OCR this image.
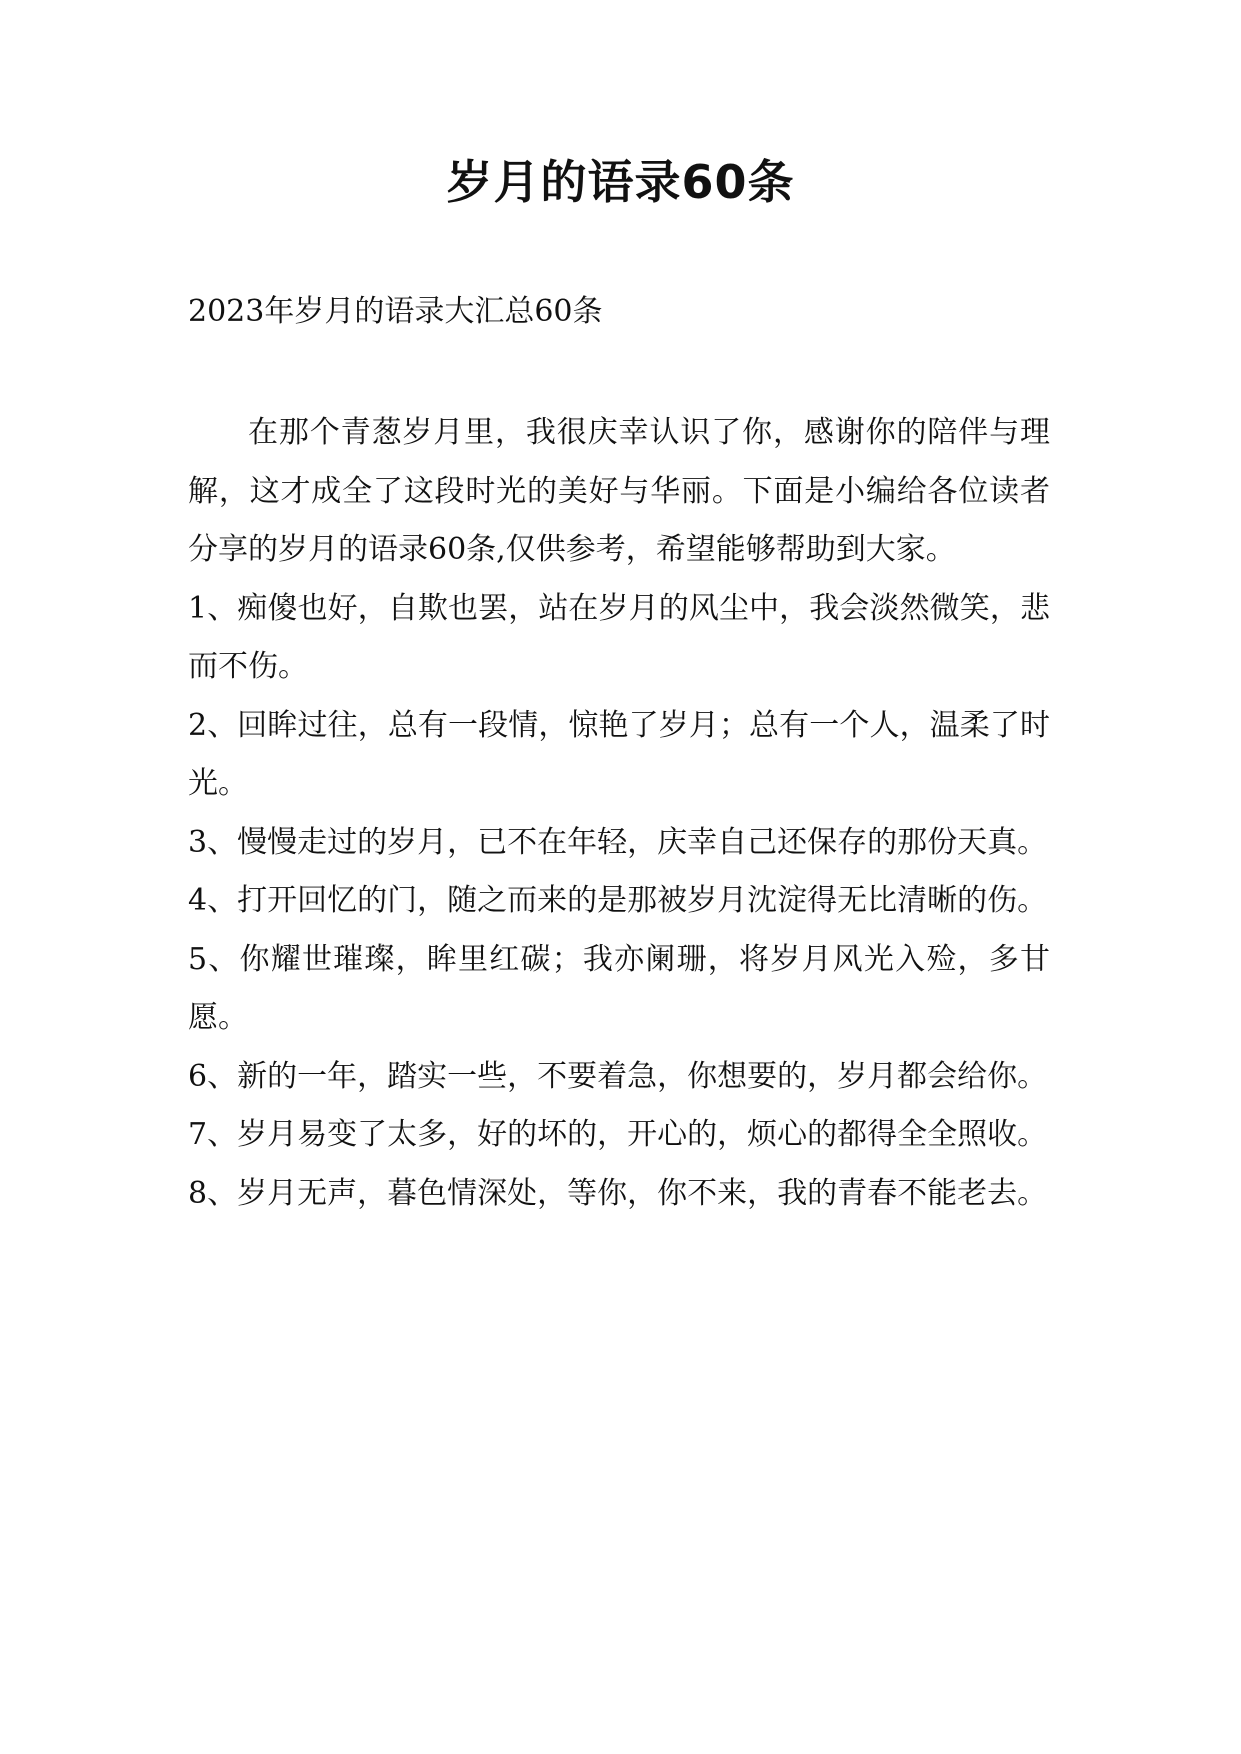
岁月的语录60条
2023年岁月的语录大汇总60条

在那个青葱岁月里，我很庆幸认识了你，感谢你的陪伴与理解，这才成全了这段时光的美好与华丽。下面是小编给各位读者分享的岁月的语录60条,仅供参考，希望能够帮助到大家。

1、痴傻也好，自欺也罢，站在岁月的风尘中，我会淡然微笑，悲而不伤。

2、回眸过往，总有一段情，惊艳了岁月；总有一个人，温柔了时光。

3、慢慢走过的岁月，已不在年轻，庆幸自己还保存的那份天真。

4、打开回忆的门，随之而来的是那被岁月沈淀得无比清晰的伤。

5、你耀世璀璨，眸里红碳；我亦阑珊，将岁月风光入殓，多甘愿。

6、新的一年，踏实一些，不要着急，你想要的，岁月都会给你。

7、岁月易变了太多，好的坏的，开心的，烦心的都得全全照收。

8、岁月无声，暮色情深处，等你，你不来，我的青春不能老去。
